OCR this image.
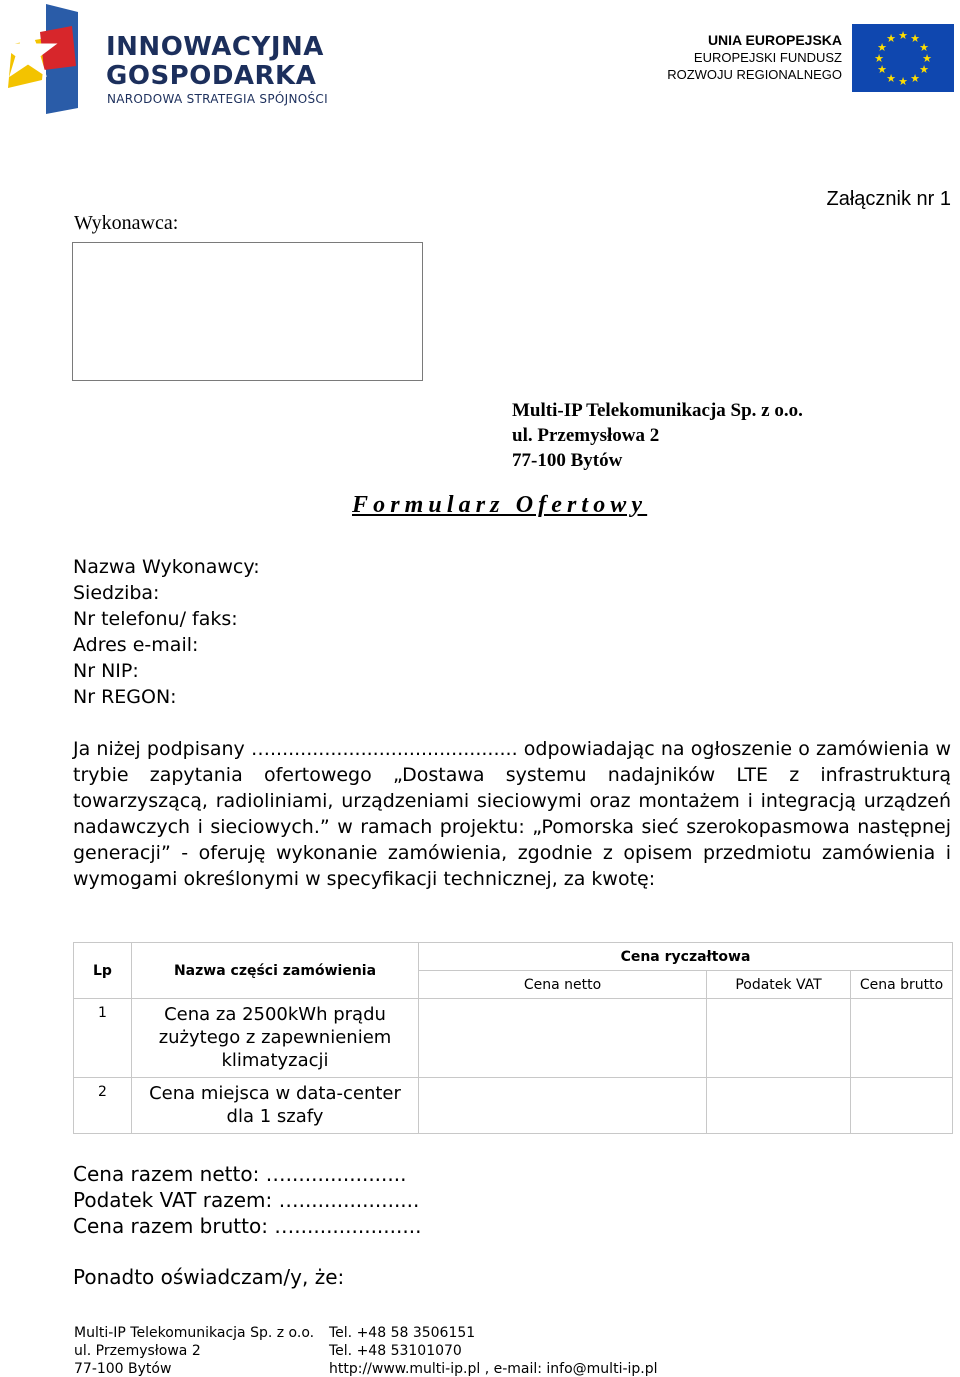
INNOWACYJNA
GOSPODARKA
NARODOWA STRATEGIA SPÓJNOŚCI
UNIA EUROPEJSKA
EUROPEJSKI FUNDUSZ
ROZWOJU REGIONALNEGO
★ ★
★
★
★
★
★
★
★
★
★
★
Załącznik nr 1
Wykonawca:
Multi-IP Telekomunikacja Sp. z o.o.
ul. Przemysłowa 2
77-100 Bytów
Formularz Ofertowy
Nazwa Wykonawcy:
Siedziba:
Nr telefonu/ faks:
Adres e-mail:
Nr NIP:
Nr REGON:
Ja niżej podpisany …......................................... odpowiadając na ogłoszenie o zamówienia w trybie zapytania ofertowego „Dostawa systemu nadajników LTE z infrastrukturą towarzyszącą, radioliniami, urządzeniami sieciowymi oraz montażem i integracją urządzeń nadawczych i sieciowych.” w ramach projektu: „Pomorska sieć szerokopasmowa następnej generacji” - oferuję wykonanie zamówienia, zgodnie z opisem przedmiotu zamówienia i wymogami określonymi w specyfikacji technicznej, za kwotę:
Lp	Nazwa części zamówienia	Cena ryczałtowa		
		Cena netto	Podatek VAT	Cena brutto
1	Cena za 2500kWh prądu zużytego z zapewnieniem klimatyzacji			
2	Cena miejsca w data-center dla 1 szafy			
Cena razem netto: …...................
Podatek VAT razem: …...................
Cena razem brutto: …....................
Ponadto oświadczam/y, że:
Multi-IP Telekomunikacja Sp. z o.o.
ul. Przemysłowa 2
77-100 Bytów
Tel. +48 58 3506151
Tel. +48 53101070
http://www.multi-ip.pl , e-mail: info@multi-ip.pl
